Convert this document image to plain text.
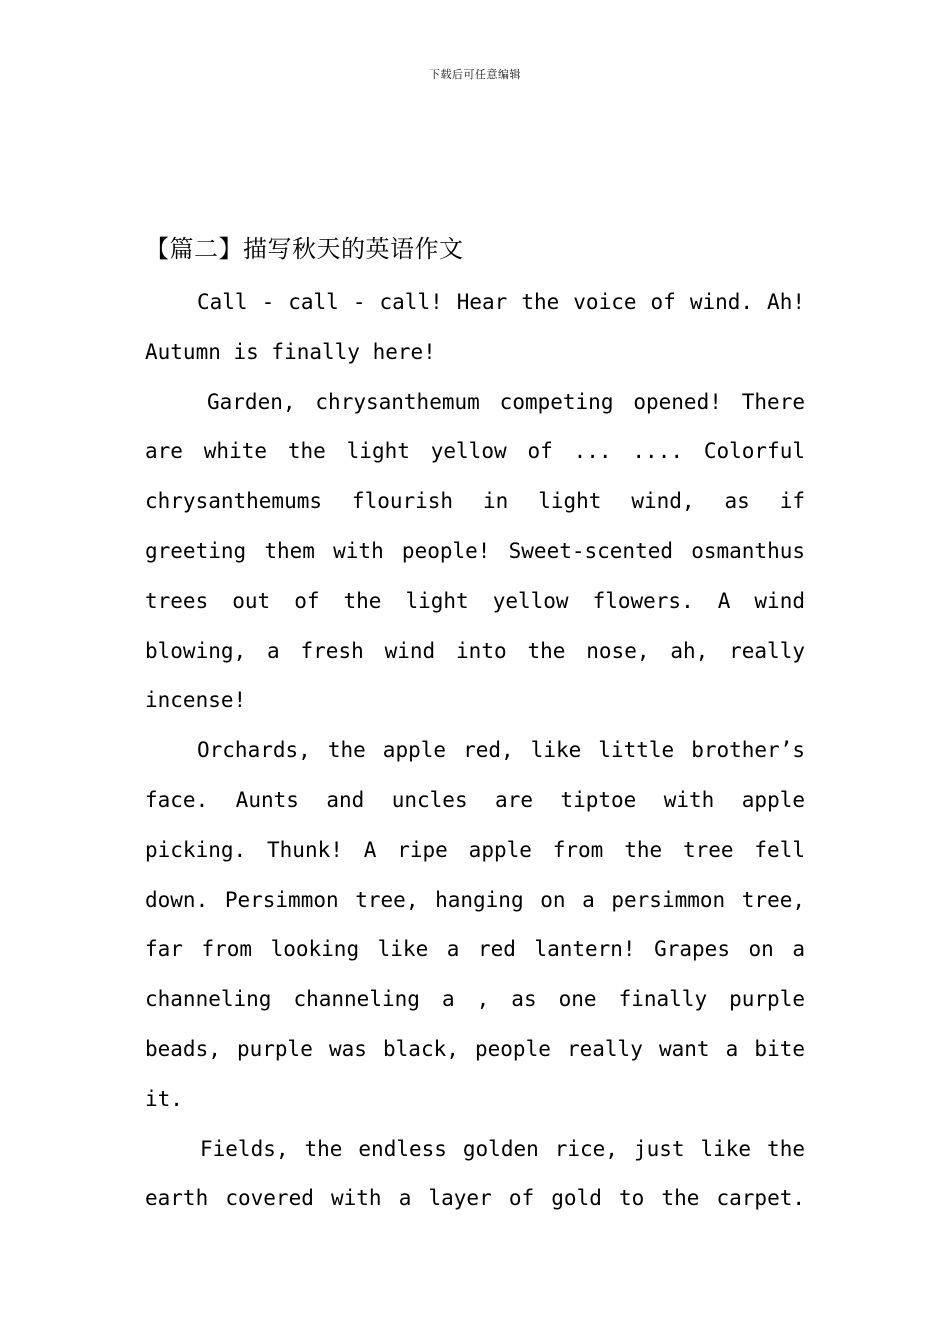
下载后可任意编辑
【篇二】描写秋天的英语作文

Call - call - call! Hear the voice of wind. Ah!
Autumn is finally here!

Garden, chrysanthemum competing opened! There
are white the light yellow of ... .... Colorful
chrysanthemums flourish in light wind, as if
greeting them with people! Sweet-scented osmanthus
trees out of the light yellow flowers. A wind
blowing, a fresh wind into the nose, ah, really
incense!

Orchards, the apple red, like little brother’s
face. Aunts and uncles are tiptoe with apple
picking. Thunk! A ripe apple from the tree fell
down. Persimmon tree, hanging on a persimmon tree,
far from looking like a red lantern! Grapes on a
channeling channeling a , as one finally purple
beads, purple was black, people really want a bite
it.

Fields, the endless golden rice, just like the
earth covered with a layer of gold to the carpet.
